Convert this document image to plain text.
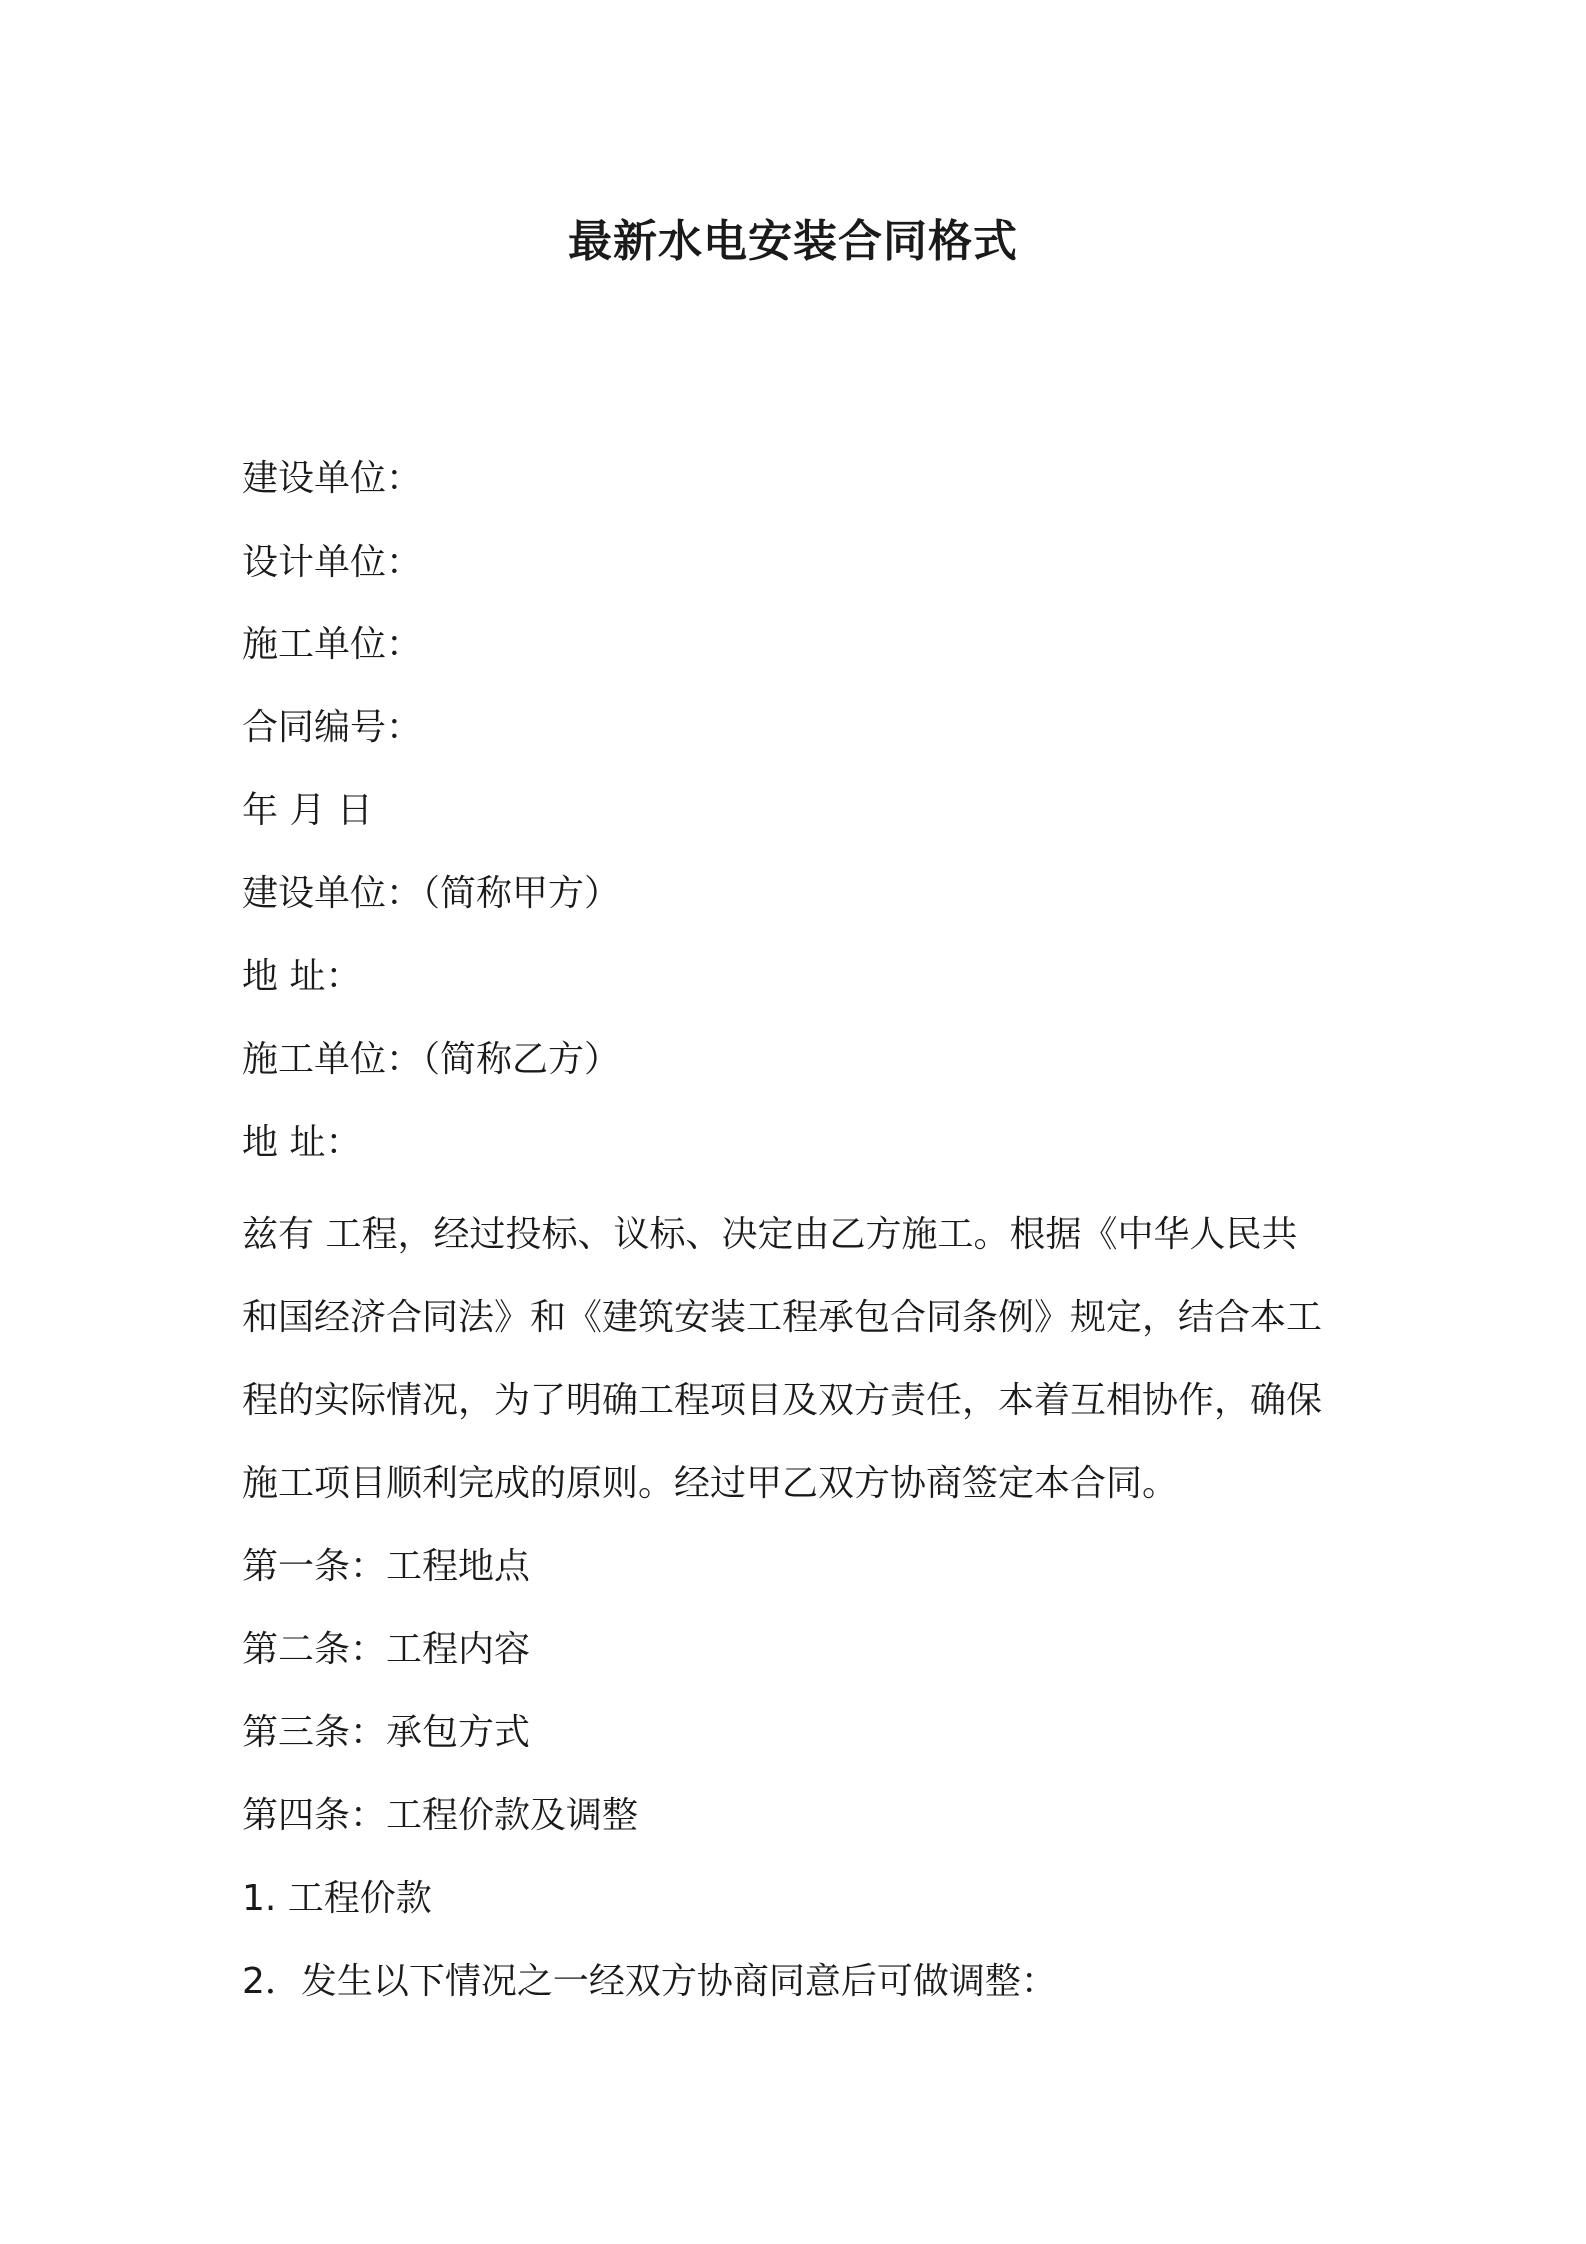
最新水电安装合同格式
建设单位：
设计单位：
施工单位：
合同编号：
年 月 日
建设单位：（简称甲方）
地 址：
施工单位：（简称乙方）
地 址：
兹有 工程，经过投标、议标、决定由乙方施工。根据《中华人民共
和国经济合同法》和《建筑安装工程承包合同条例》规定，结合本工
程的实际情况，为了明确工程项目及双方责任，本着互相协作，确保
施工项目顺利完成的原则。经过甲乙双方协商签定本合同。
第一条：工程地点
第二条：工程内容
第三条：承包方式
第四条：工程价款及调整
1. 工程价款
2．发生以下情况之一经双方协商同意后可做调整：
